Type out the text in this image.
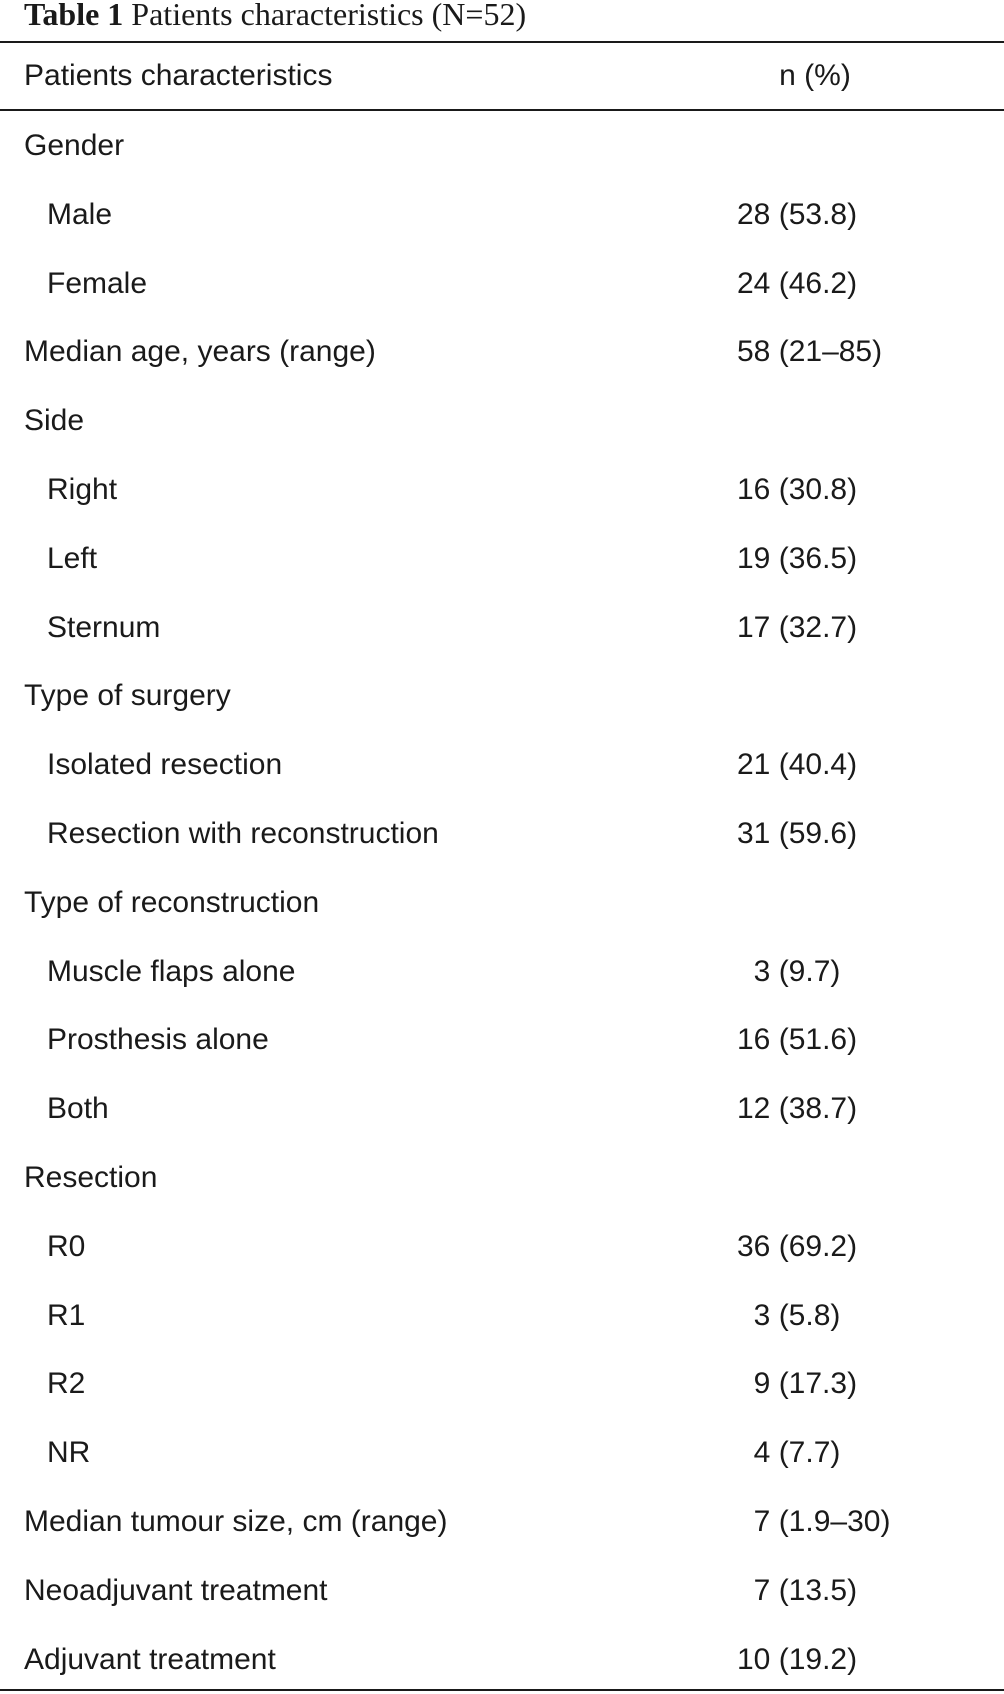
Table 1 Patients characteristics (N=52)
Patients characteristics	n (%)
Gender
Male	28 (53.8)
Female	24 (46.2)
Median age, years (range)	58 (21–85)
Side
Right	16 (30.8)
Left	19 (36.5)
Sternum	17 (32.7)
Type of surgery
Isolated resection	21 (40.4)
Resection with reconstruction	31 (59.6)
Type of reconstruction
Muscle flaps alone	3 (9.7)
Prosthesis alone	16 (51.6)
Both	12 (38.7)
Resection
R0	36 (69.2)
R1	3 (5.8)
R2	9 (17.3)
NR	4 (7.7)
Median tumour size, cm (range)	7 (1.9–30)
Neoadjuvant treatment	7 (13.5)
Adjuvant treatment	10 (19.2)
